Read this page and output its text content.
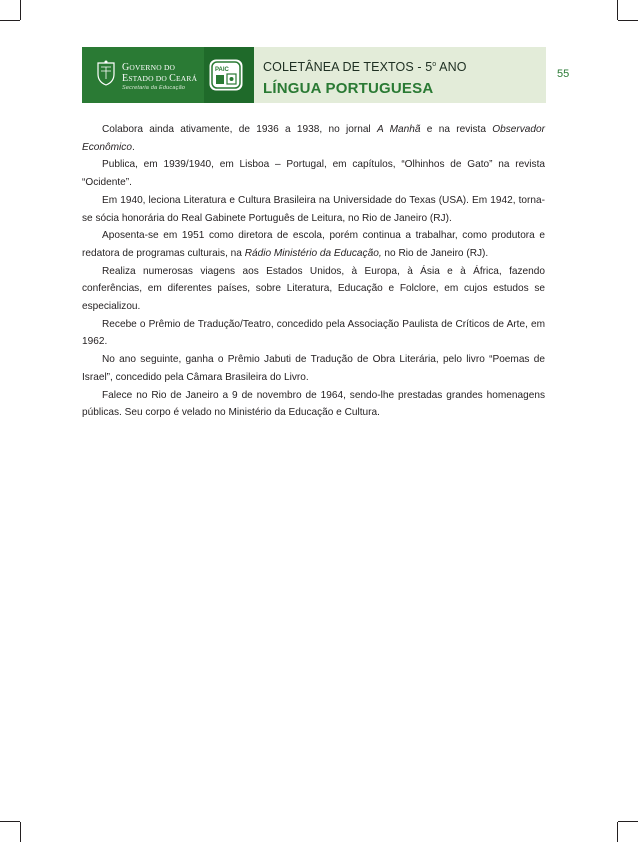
GOVERNO DO
ESTADO DO CEARÁ
Secretaria da Educação
PAIC	COLETÂNEA DE TEXTOS - 5$^o$ ANO
LÍNGUA PORTUGUESA
55

Colabora ainda ativamente, de 1936 a 1938, no jornal A Manhã e na revista Observador Econômico.

Publica, em 1939/1940, em Lisboa – Portugal, em capítulos, “Olhinhos de Gato” na revista “Ocidente”.

Em 1940, leciona Literatura e Cultura Brasileira na Universidade do Texas (USA). Em 1942, torna-se sócia honorária do Real Gabinete Português de Leitura, no Rio de Janeiro (RJ).

Aposenta-se em 1951 como diretora de escola, porém continua a trabalhar, como produtora e redatora de programas culturais, na Rádio Ministério da Educação, no Rio de Janeiro (RJ).

Realiza numerosas viagens aos Estados Unidos, à Europa, à Ásia e à África, fazendo conferências, em diferentes países, sobre Literatura, Educação e Folclore, em cujos estudos se especializou.

Recebe o Prêmio de Tradução/Teatro, concedido pela Associação Paulista de Críticos de Arte, em 1962.

No ano seguinte, ganha o Prêmio Jabuti de Tradução de Obra Literária, pelo livro “Poemas de Israel”, concedido pela Câmara Brasileira do Livro.

Falece no Rio de Janeiro a 9 de novembro de 1964, sendo-lhe prestadas grandes homenagens públicas. Seu corpo é velado no Ministério da Educação e Cultura.
